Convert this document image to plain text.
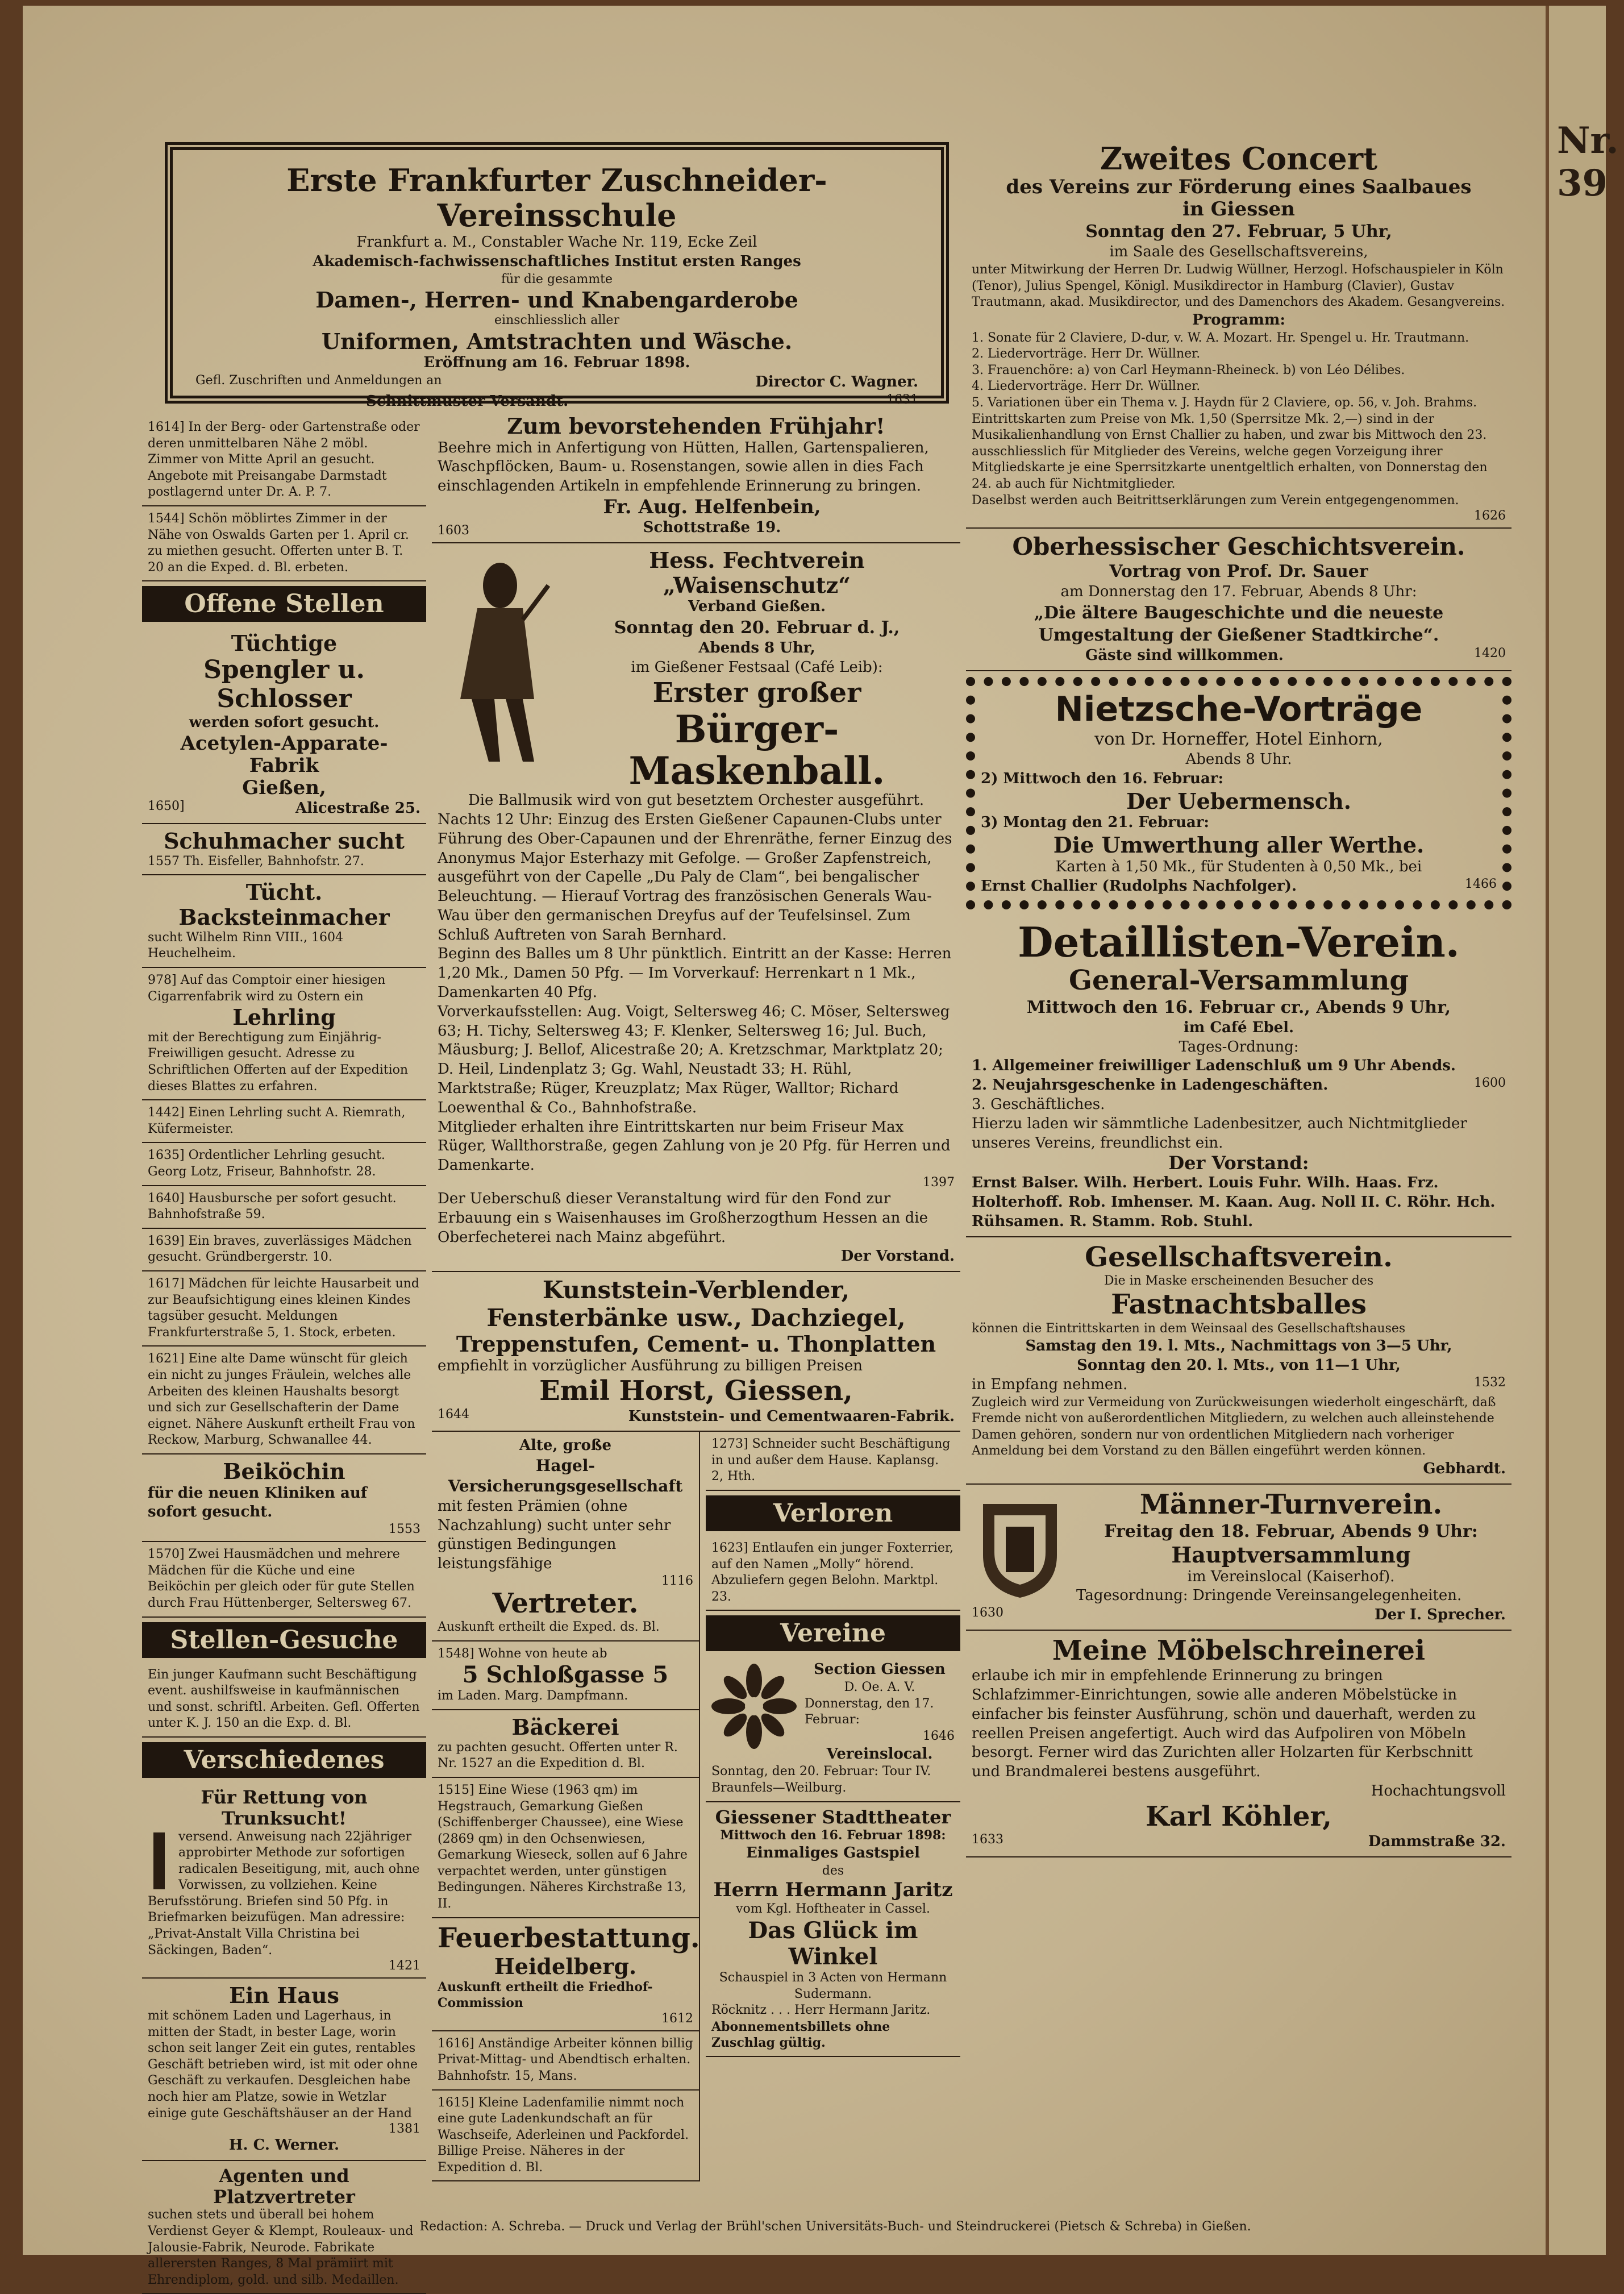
Nr. 39
Erste Frankfurter Zuschneider-Vereinsschule
Frankfurt a. M., Constabler Wache Nr. 119, Ecke Zeil
Akademisch-fachwissenschaftliches Institut ersten Ranges
für die gesammte
Damen-, Herren- und Knabengarderobe
einschliesslich aller
Uniformen, Amtstrachten und Wäsche.
Eröffnung am 16. Februar 1898.
Gefl. Zuschriften und Anmeldungen an	Director C. Wagner.
Schnittmuster-Versandt.	1631
1614] In der Berg- oder Gartenstraße oder deren unmittelbaren Nähe 2 möbl. Zimmer von Mitte April an gesucht. Angebote mit Preisangabe Darmstadt postlagernd unter Dr. A. P. 7.
1544] Schön möblirtes Zimmer in der Nähe von Oswalds Garten per 1. April cr. zu miethen gesucht. Offerten unter B. T. 20 an die Exped. d. Bl. erbeten.
Offene Stellen
Tüchtige
Spengler u. Schlosser
werden sofort gesucht.
Acetylen-Apparate-Fabrik
Gießen,
1650]	Alicestraße 25.
Schuhmacher sucht
1557 Th. Eisfeller, Bahnhofstr. 27.
Tücht. Backsteinmacher
sucht Wilhelm Rinn VIII., 1604 Heuchelheim.
978] Auf das Comptoir einer hiesigen Cigarrenfabrik wird zu Ostern ein
Lehrling
mit der Berechtigung zum Einjährig-Freiwilligen gesucht. Adresse zu Schriftlichen Offerten auf der Expedition dieses Blattes zu erfahren.
1442] Einen Lehrling sucht A. Riemrath, Küfermeister.
1635] Ordentlicher Lehrling gesucht. Georg Lotz, Friseur, Bahnhofstr. 28.
1640] Hausbursche per sofort gesucht. Bahnhofstraße 59.
1639] Ein braves, zuverlässiges Mädchen gesucht. Gründbergerstr. 10.
1617] Mädchen für leichte Hausarbeit und zur Beaufsichtigung eines kleinen Kindes tagsüber gesucht. Meldungen Frankfurterstraße 5, 1. Stock, erbeten.
1621] Eine alte Dame wünscht für gleich ein nicht zu junges Fräulein, welches alle Arbeiten des kleinen Haushalts besorgt und sich zur Gesellschafterin der Dame eignet. Nähere Auskunft ertheilt Frau von Reckow, Marburg, Schwanallee 44.
Beiköchin
für die neuen Kliniken auf sofort gesucht.
1553
1570] Zwei Hausmädchen und mehrere Mädchen für die Küche und eine Beiköchin per gleich oder für gute Stellen durch Frau Hüttenberger, Seltersweg 67.
Stellen-Gesuche
Ein junger Kaufmann sucht Beschäftigung event. aushilfsweise in kaufmännischen und sonst. schriftl. Arbeiten. Gefl. Offerten unter K. J. 150 an die Exp. d. Bl.
Verschiedenes
Für Rettung von Trunksucht!
versend. Anweisung nach 22jähriger approbirter Methode zur sofortigen radicalen Beseitigung, mit, auch ohne Vorwissen, zu vollziehen. Keine Berufsstörung. Briefen sind 50 Pfg. in Briefmarken beizufügen. Man adressire: „Privat-Anstalt Villa Christina bei Säckingen, Baden“.
1421
Ein Haus
mit schönem Laden und Lagerhaus, in mitten der Stadt, in bester Lage, worin schon seit langer Zeit ein gutes, rentables Geschäft betrieben wird, ist mit oder ohne Geschäft zu verkaufen. Desgleichen habe noch hier am Platze, sowie in Wetzlar einige gute Geschäftshäuser an der Hand
1381
H. C. Werner.
Agenten und Platzvertreter
suchen stets und überall bei hohem Verdienst Geyer & Klempt, Rouleaux- und Jalousie-Fabrik, Neurode. Fabrikate allerersten Ranges, 8 Mal prämiirt mit Ehrendiplom, gold. und silb. Medaillen.
Zum bevorstehenden Frühjahr!
Beehre mich in Anfertigung von Hütten, Hallen, Gartenspalieren, Waschpflöcken, Baum- u. Rosenstangen, sowie allen in dies Fach einschlagenden Artikeln in empfehlende Erinnerung zu bringen.
1603
Fr. Aug. Helfenbein,
Schottstraße 19.
Hess. Fechtverein „Waisenschutz“
Verband Gießen.
Sonntag den 20. Februar d. J.,
Abends 8 Uhr,
im Gießener Festsaal (Café Leib):
Erster großer
Bürger-Maskenball.
Die Ballmusik wird von gut besetztem Orchester ausgeführt.
Nachts 12 Uhr: Einzug des Ersten Gießener Capaunen-Clubs unter Führung des Ober-Capaunen und der Ehrenräthe, ferner Einzug des Anonymus Major Esterhazy mit Gefolge. — Großer Zapfenstreich, ausgeführt von der Capelle „Du Paly de Clam“, bei bengalischer Beleuchtung. — Hierauf Vortrag des französischen Generals Wau-Wau über den germanischen Dreyfus auf der Teufelsinsel. Zum Schluß Auftreten von Sarah Bernhard.
Beginn des Balles um 8 Uhr pünktlich. Eintritt an der Kasse: Herren 1,20 Mk., Damen 50 Pfg. — Im Vorverkauf: Herrenkart n 1 Mk., Damenkarten 40 Pfg.
Vorverkaufsstellen: Aug. Voigt, Seltersweg 46; C. Möser, Seltersweg 63; H. Tichy, Seltersweg 43; F. Klenker, Seltersweg 16; Jul. Buch, Mäusburg; J. Bellof, Alicestraße 20; A. Kretzschmar, Marktplatz 20; D. Heil, Lindenplatz 3; Gg. Wahl, Neustadt 33; H. Rühl, Marktstraße; Rüger, Kreuzplatz; Max Rüger, Walltor; Richard Loewenthal & Co., Bahnhofstraße.
Mitglieder erhalten ihre Eintrittskarten nur beim Friseur Max Rüger, Wallthorstraße, gegen Zahlung von je 20 Pfg. für Herren und Damenkarte.
1397
Der Ueberschuß dieser Veranstaltung wird für den Fond zur Erbauung ein s Waisenhauses im Großherzogthum Hessen an die Oberfecheterei nach Mainz abgeführt.
Der Vorstand.
Kunststein-Verblender,
Fensterbänke usw., Dachziegel,
Treppenstufen, Cement- u. Thonplatten
empfiehlt in vorzüglicher Ausführung zu billigen Preisen
Emil Horst, Giessen,
1644	Kunststein- und Cementwaaren-Fabrik.
Alte, große
Hagel-Versicherungsgesellschaft
mit festen Prämien (ohne Nachzahlung) sucht unter sehr günstigen Bedingungen leistungsfähige
1116
Vertreter.
Auskunft ertheilt die Exped. ds. Bl.
1548] Wohne von heute ab
5 Schloßgasse 5
im Laden. Marg. Dampfmann.
Bäckerei
zu pachten gesucht. Offerten unter R. Nr. 1527 an die Expedition d. Bl.
1515] Eine Wiese (1963 qm) im Hegstrauch, Gemarkung Gießen (Schiffenberger Chaussee), eine Wiese (2869 qm) in den Ochsenwiesen, Gemarkung Wieseck, sollen auf 6 Jahre verpachtet werden, unter günstigen Bedingungen. Näheres Kirchstraße 13, II.
Feuerbestattung.
Heidelberg.
Auskunft ertheilt die Friedhof-Commission
1612
1616] Anständige Arbeiter können billig Privat-Mittag- und Abendtisch erhalten. Bahnhofstr. 15, Mans.
1615] Kleine Ladenfamilie nimmt noch eine gute Ladenkundschaft an für Waschseife, Aderleinen und Packfordel. Billige Preise. Näheres in der Expedition d. Bl.
1273] Schneider sucht Beschäftigung in und außer dem Hause. Kaplansg. 2, Hth.
Verloren
1623] Entlaufen ein junger Foxterrier, auf den Namen „Molly“ hörend. Abzuliefern gegen Belohn. Marktpl. 23.
Vereine
Section Giessen
D. Oe. A. V.
Donnerstag, den 17. Februar:
1646
Vereinslocal.
Sonntag, den 20. Februar: Tour IV. Braunfels—Weilburg.
Giessener Stadttheater
Mittwoch den 16. Februar 1898:
Einmaliges Gastspiel
des
Herrn Hermann Jaritz
vom Kgl. Hoftheater in Cassel.
Das Glück im Winkel
Schauspiel in 3 Acten von Hermann Sudermann.
Röcknitz . . . Herr Hermann Jaritz.
Abonnementsbillets ohne Zuschlag gültig.
Zweites Concert
des Vereins zur Förderung eines Saalbaues
in Giessen
Sonntag den 27. Februar, 5 Uhr,
im Saale des Gesellschaftsvereins,
unter Mitwirkung der Herren Dr. Ludwig Wüllner, Herzogl. Hofschauspieler in Köln (Tenor), Julius Spengel, Königl. Musikdirector in Hamburg (Clavier), Gustav Trautmann, akad. Musikdirector, und des Damenchors des Akadem. Gesangvereins.
Programm:
1. Sonate für 2 Claviere, D-dur, v. W. A. Mozart. Hr. Spengel u. Hr. Trautmann.
2. Liedervorträge. Herr Dr. Wüllner.
3. Frauenchöre: a) von Carl Heymann-Rheineck. b) von Léo Délibes.
4. Liedervorträge. Herr Dr. Wüllner.
5. Variationen über ein Thema v. J. Haydn für 2 Claviere, op. 56, v. Joh. Brahms.
Eintrittskarten zum Preise von Mk. 1,50 (Sperrsitze Mk. 2,—) sind in der Musikalienhandlung von Ernst Challier zu haben, und zwar bis Mittwoch den 23. ausschliesslich für Mitglieder des Vereins, welche gegen Vorzeigung ihrer Mitgliedskarte je eine Sperrsitzkarte unentgeltlich erhalten, von Donnerstag den 24. ab auch für Nichtmitglieder.
Daselbst werden auch Beitrittserklärungen zum Verein entgegengenommen.
1626
Oberhessischer Geschichtsverein.
Vortrag von Prof. Dr. Sauer
am Donnerstag den 17. Februar, Abends 8 Uhr:
„Die ältere Baugeschichte und die neueste Umgestaltung der Gießener Stadtkirche“.
Gäste sind willkommen.	1420
Nietzsche-Vorträge
von Dr. Horneffer, Hotel Einhorn,
Abends 8 Uhr.
2) Mittwoch den 16. Februar:
Der Uebermensch.
3) Montag den 21. Februar:
Die Umwerthung aller Werthe.
Karten à 1,50 Mk., für Studenten à 0,50 Mk., bei
Ernst Challier (Rudolphs Nachfolger).	1466
Detaillisten-Verein.
General-Versammlung
Mittwoch den 16. Februar cr., Abends 9 Uhr,
im Café Ebel.
Tages-Ordnung:
1. Allgemeiner freiwilliger Ladenschluß um 9 Uhr Abends.
2. Neujahrsgeschenke in Ladengeschäften.	1600
3. Geschäftliches.
Hierzu laden wir sämmtliche Ladenbesitzer, auch Nichtmitglieder unseres Vereins, freundlichst ein.
Der Vorstand:
Ernst Balser. Wilh. Herbert. Louis Fuhr. Wilh. Haas. Frz. Holterhoff. Rob. Imhenser. M. Kaan. Aug. Noll II. C. Röhr. Hch. Rühsamen. R. Stamm. Rob. Stuhl.
Gesellschaftsverein.
Die in Maske erscheinenden Besucher des
Fastnachtsballes
können die Eintrittskarten in dem Weinsaal des Gesellschaftshauses
Samstag den 19. l. Mts., Nachmittags von 3—5 Uhr,
Sonntag den 20. l. Mts., von 11—1 Uhr,
in Empfang nehmen.	1532
Zugleich wird zur Vermeidung von Zurückweisungen wiederholt eingeschärft, daß Fremde nicht von außerordentlichen Mitgliedern, zu welchen auch alleinstehende Damen gehören, sondern nur von ordentlichen Mitgliedern nach vorheriger Anmeldung bei dem Vorstand zu den Bällen eingeführt werden können.
Gebhardt.
Männer-Turnverein.
Freitag den 18. Februar, Abends 9 Uhr:
Hauptversammlung
im Vereinslocal (Kaiserhof).
Tagesordnung: Dringende Vereinsangelegenheiten.
1630	Der I. Sprecher.
Meine Möbelschreinerei
erlaube ich mir in empfehlende Erinnerung zu bringen
Schlafzimmer-Einrichtungen, sowie alle anderen Möbelstücke in einfacher bis feinster Ausführung, schön und dauerhaft, werden zu reellen Preisen angefertigt. Auch wird das Aufpoliren von Möbeln besorgt. Ferner wird das Zurichten aller Holzarten für Kerbschnitt und Brandmalerei bestens ausgeführt.
Hochachtungsvoll
Karl Köhler,
1633	Dammstraße 32.
Redaction: A. Schreba. — Druck und Verlag der Brühl'schen Universitäts-Buch- und Steindruckerei (Pietsch & Schreba) in Gießen.
